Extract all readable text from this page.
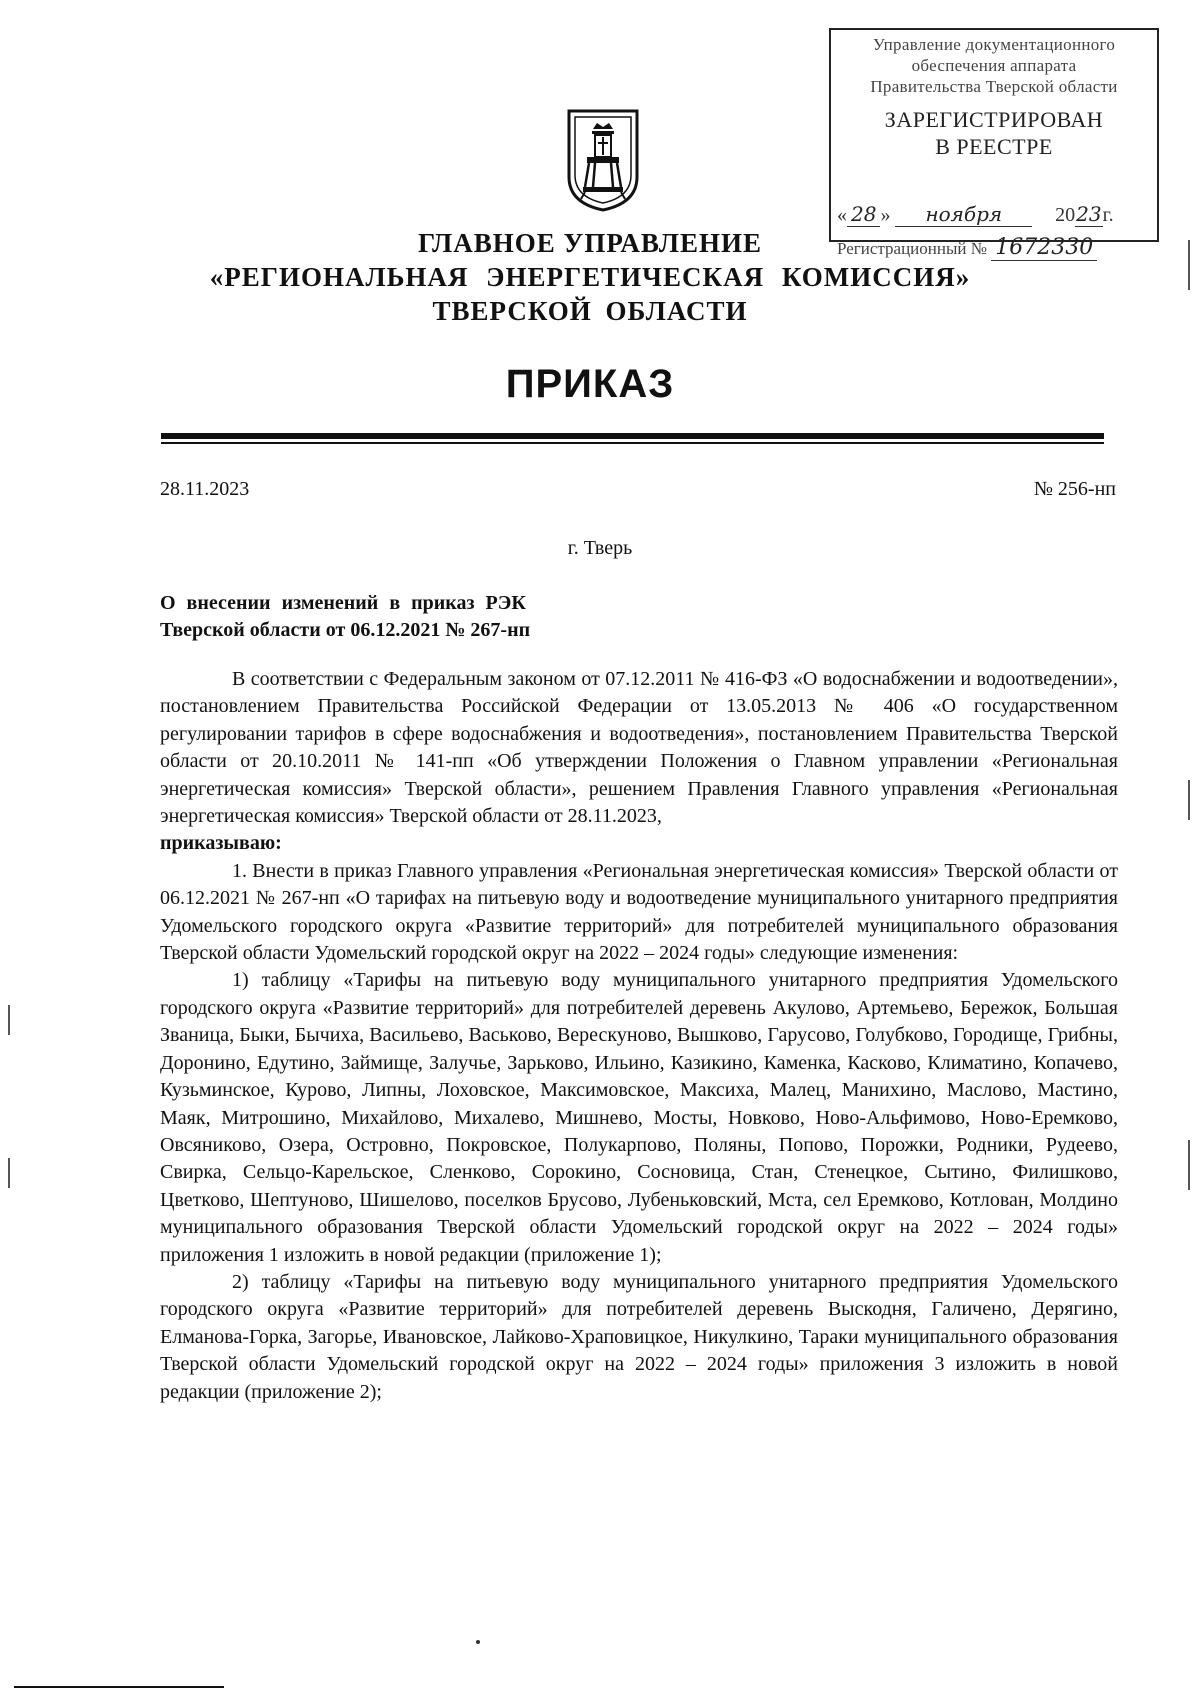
Управление документационного
обеспечения аппарата
Правительства Тверской области
ЗАРЕГИСТРИРОВАН
В РЕЕСТРЕ
« 28 » ноября	2023г.
Регистрационный № 1672330
ГЛАВНОЕ УПРАВЛЕНИЕ
«РЕГИОНАЛЬНАЯ ЭНЕРГЕТИЧЕСКАЯ КОМИССИЯ»
ТВЕРСКОЙ ОБЛАСТИ
ПРИКАЗ
28.11.2023	№ 256-нп
г. Тверь
О внесении изменений в приказ РЭК
Тверской области от 06.12.2021 № 267-нп

В соответствии с Федеральным законом от 07.12.2011 № 416-ФЗ «О водоснабжении и водоотведении», постановлением Правительства Российской Федерации от 13.05.2013 № 406 «О государственном регулировании тарифов в сфере водоснабжения и водоотведения», постановлением Правительства Тверской области от 20.10.2011 № 141-пп «Об утверждении Положения о Главном управлении «Региональная энергетическая комиссия» Тверской области», решением Правления Главного управления «Региональная энергетическая комиссия» Тверской области от 28.11.2023,

приказываю:

1. Внести в приказ Главного управления «Региональная энергетическая комиссия» Тверской области от 06.12.2021 № 267-нп «О тарифах на питьевую воду и водоотведение муниципального унитарного предприятия Удомельского городского округа «Развитие территорий» для потребителей муниципального образования Тверской области Удомельский городской округ на 2022 – 2024 годы» следующие изменения:

1) таблицу «Тарифы на питьевую воду муниципального унитарного предприятия Удомельского городского округа «Развитие территорий» для потребителей деревень Акулово, Артемьево, Бережок, Большая Званица, Быки, Бычиха, Васильево, Васьково, Верескуново, Вышково, Гарусово, Голубково, Городище, Грибны, Доронино, Едутино, Займище, Залучье, Зарьково, Ильино, Казикино, Каменка, Касково, Климатино, Копачево, Кузьминское, Курово, Липны, Лоховское, Максимовское, Максиха, Малец, Манихино, Маслово, Мастино, Маяк, Митрошино, Михайлово, Михалево, Мишнево, Мосты, Новково, Ново-Альфимово, Ново-Еремково, Овсяниково, Озера, Островно, Покровское, Полукарпово, Поляны, Попово, Порожки, Родники, Рудеево, Свирка, Сельцо-Карельское, Сленково, Сорокино, Сосновица, Стан, Стенецкое, Сытино, Филишково, Цветково, Шептуново, Шишелово, поселков Брусово, Лубеньковский, Мста, сел Еремково, Котлован, Молдино муниципального образования Тверской области Удомельский городской округ на 2022 – 2024 годы» приложения 1 изложить в новой редакции (приложение 1);

2) таблицу «Тарифы на питьевую воду муниципального унитарного предприятия Удомельского городского округа «Развитие территорий» для потребителей деревень Выскодня, Галичено, Дерягино, Елманова-Горка, Загорье, Ивановское, Лайково-Храповицкое, Никулкино, Тараки муниципального образования Тверской области Удомельский городской округ на 2022 – 2024 годы» приложения 3 изложить в новой редакции (приложение 2);
